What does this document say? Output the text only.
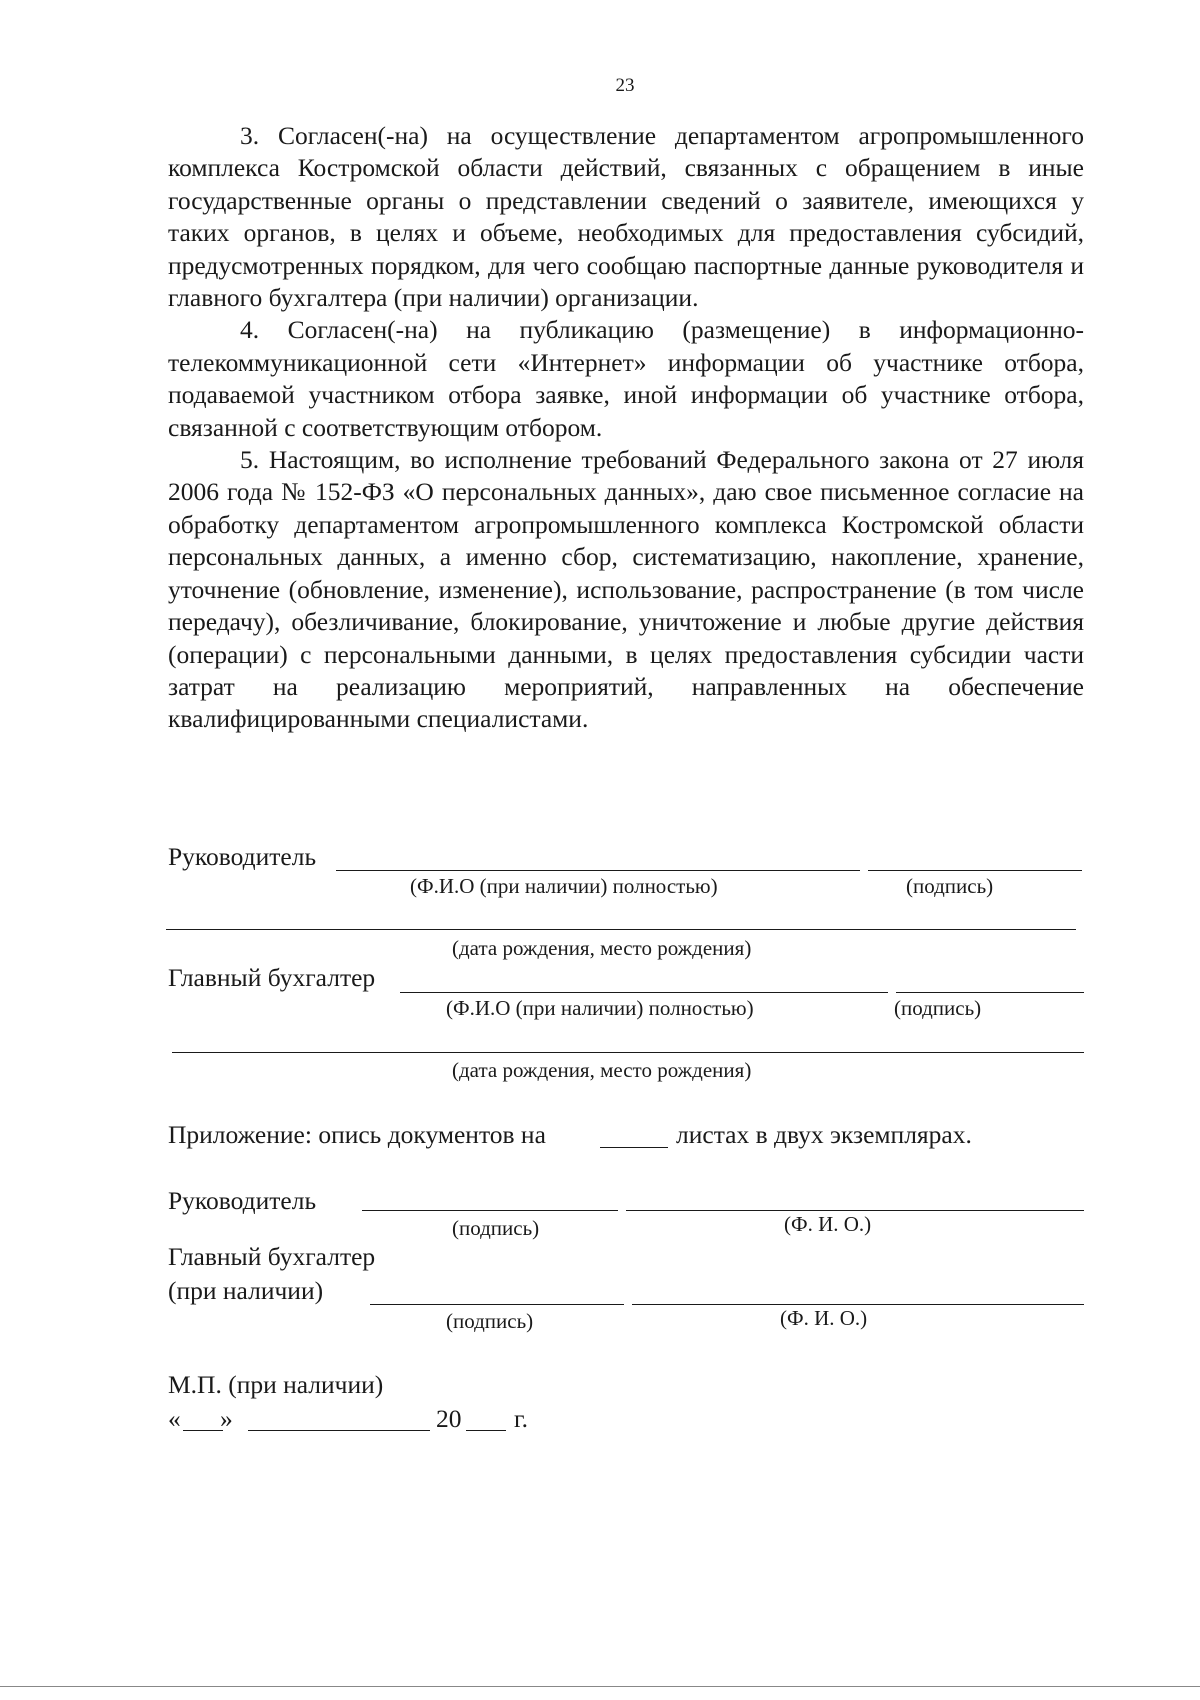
23

3. Согласен(-на) на осуществление департаментом агропромышленного комплекса Костромской области действий, связанных с обращением в иные государственные органы о представлении сведений о заявителе, имеющихся у таких органов, в целях и объеме, необходимых для предоставления субсидий, предусмотренных порядком, для чего сообщаю паспортные данные руководителя и главного бухгалтера (при наличии) организации.

4. Согласен(-на) на публикацию (размещение) в информационно-телекоммуникационной сети «Интернет» информации об участнике отбора, подаваемой участником отбора заявке, иной информации об участнике отбора, связанной с соответствующим отбором.

5. Настоящим, во исполнение требований Федерального закона от 27 июля 2006 года № 152-ФЗ «О персональных данных», даю свое письменное согласие на обработку департаментом агропромышленного комплекса Костромской области персональных данных, а именно сбор, систематизацию, накопление, хранение, уточнение (обновление, изменение), использование, распространение (в том числе передачу), обезличивание, блокирование, уничтожение и любые другие действия (операции) с персональными данными, в целях предоставления субсидии части затрат на реализацию мероприятий, направленных на обеспечение квалифицированными специалистами.

Руководитель
(Ф.И.О (при наличии) полностью)	(подпись)
(дата рождения, место рождения)
Главный бухгалтер
(Ф.И.О (при наличии) полностью)	(подпись)
(дата рождения, место рождения)
Приложение: опись документов на	листах в двух экземплярах.
Руководитель
(подпись)	(Ф. И. О.)
Главный бухгалтер
(при наличии)
(подпись)	(Ф. И. О.)
М.П. (при наличии)
« »	20 г.
